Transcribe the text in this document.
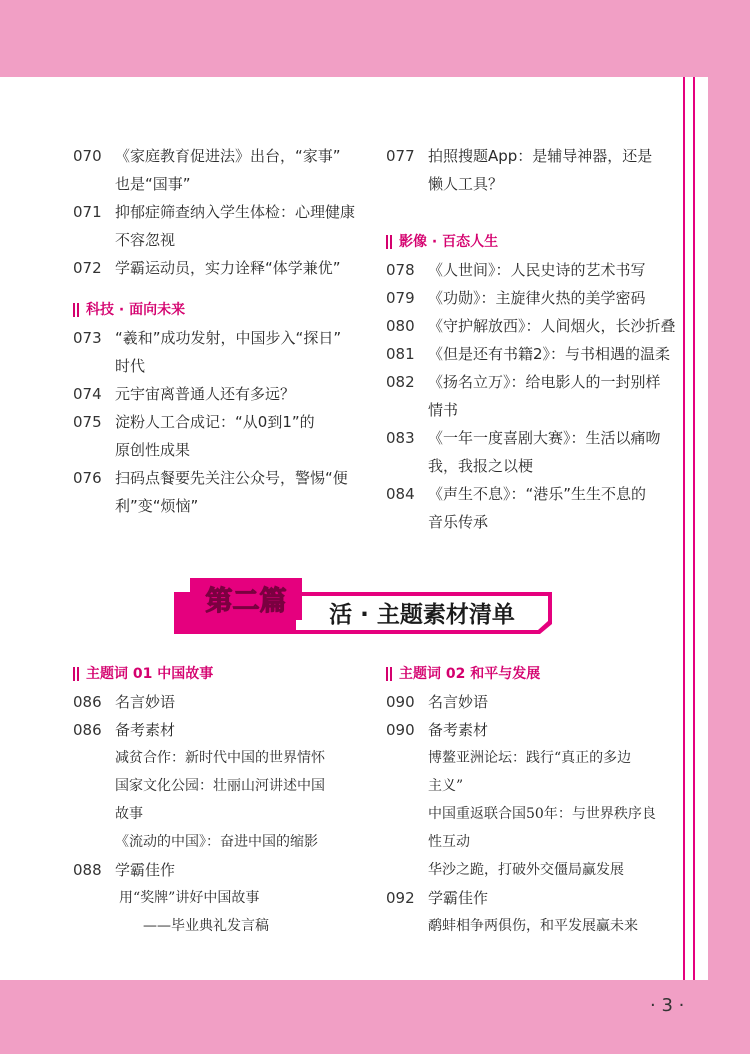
· 3 ·
070 《家庭教育促进法》出台，“家事”
也是“国事”
071 抑郁症筛查纳入学生体检：心理健康
不容忽视
072 学霸运动员，实力诠释“体学兼优”
科技 · 面向未来
073 “羲和”成功发射，中国步入“探日”
时代
074 元宇宙离普通人还有多远？
075 淀粉人工合成记：“从0到1”的
原创性成果
076 扫码点餐要先关注公众号，警惕“便
利”变“烦恼”
077 拍照搜题App：是辅导神器，还是
懒人工具？
影像 · 百态人生
078 《人世间》：人民史诗的艺术书写
079 《功勋》：主旋律火热的美学密码
080 《守护解放西》：人间烟火，长沙折叠
081 《但是还有书籍2》：与书相遇的温柔
082 《扬名立万》：给电影人的一封别样
情书
083 《一年一度喜剧大赛》：生活以痛吻
我，我报之以梗
084 《声生不息》：“港乐”生生不息的
音乐传承
第二篇 活 · 主题素材清单
主题词 01 中国故事
086 名言妙语
086 备考素材
减贫合作：新时代中国的世界情怀
国家文化公园：壮丽山河讲述中国
故事
《流动的中国》：奋进中国的缩影
088 学霸佳作
用“奖牌”讲好中国故事
——毕业典礼发言稿
主题词 02 和平与发展
090 名言妙语
090 备考素材
博鳌亚洲论坛：践行“真正的多边
主义”
中国重返联合国50年：与世界秩序良
性互动
华沙之跪，打破外交僵局赢发展
092 学霸佳作
鹬蚌相争两俱伤，和平发展赢未来
